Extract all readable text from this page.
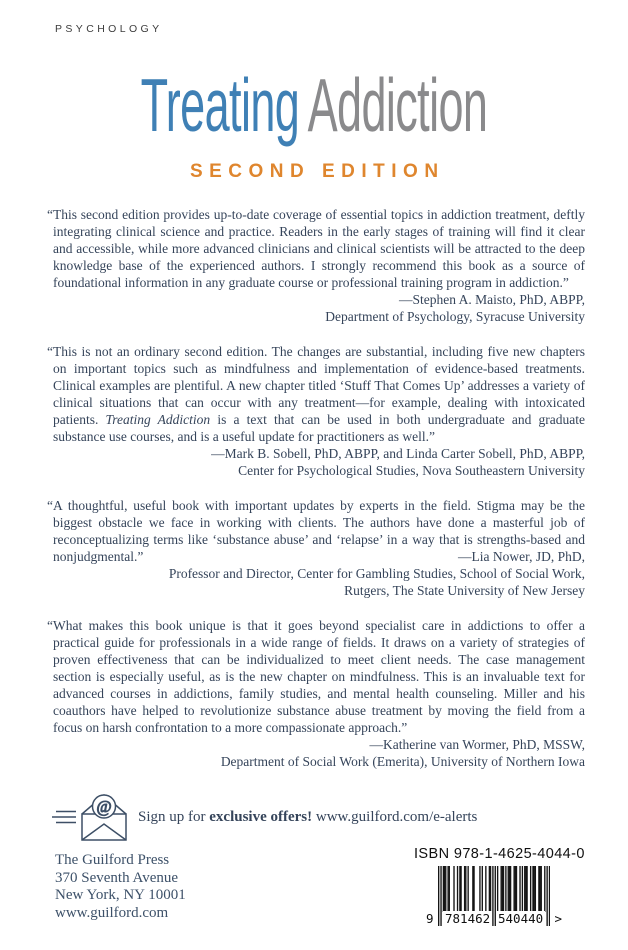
PSYCHOLOGY
Treating Addiction
SECOND EDITION

“This second edition provides up-to-date coverage of essential topics in addiction treatment, deftly integrating clinical science and practice. Readers in the early stages of training will find it clear and accessible, while more advanced clinicians and clinical scientists will be attracted to the deep knowledge base of the experienced authors. I strongly recommend this book as a source of foundational information in any graduate course or professional training program in addiction.”
—Stephen A. Maisto, PhD, ABPP,

Department of Psychology, Syracuse University

“This is not an ordinary second edition. The changes are substantial, including five new chapters on important topics such as mindfulness and implementation of evidence-based treatments. Clinical examples are plentiful. A new chapter titled ‘Stuff That Comes Up’ addresses a variety of clinical situations that can occur with any treatment—for example, dealing with intoxicated patients. Treating Addiction is a text that can be used in both undergraduate and graduate substance use courses, and is a useful update for practitioners as well.”

—Mark B. Sobell, PhD, ABPP, and Linda Carter Sobell, PhD, ABPP,
Center for Psychological Studies, Nova Southeastern University

“A thoughtful, useful book with important updates by experts in the field. Stigma may be the biggest obstacle we face in working with clients. The authors have done a masterful job of reconceptualizing terms like ‘substance abuse’ and ‘relapse’ in a way that is strengths-based and nonjudgmental.”	—Lia Nower, JD, PhD,

Professor and Director, Center for Gambling Studies, School of Social Work,
Rutgers, The State University of New Jersey

“What makes this book unique is that it goes beyond specialist care in addictions to offer a practical guide for professionals in a wide range of fields. It draws on a variety of strategies of proven effectiveness that can be individualized to meet client needs. The case management section is especially useful, as is the new chapter on mindfulness. This is an invaluable text for advanced courses in addictions, family studies, and mental health counseling. Miller and his coauthors have helped to revolutionize substance abuse treatment by moving the field from a focus on harsh confrontation to a more compassionate approach.”

—Katherine van Wormer, PhD, MSSW,
Department of Social Work (Emerita), University of Northern Iowa
@
Sign up for exclusive offers! www.guilford.com/e-alerts
The Guilford Press
370 Seventh Avenue
New York, NY 10001
www.guilford.com
ISBN 978-1-4625-4044-0
9 781462 540440 >
